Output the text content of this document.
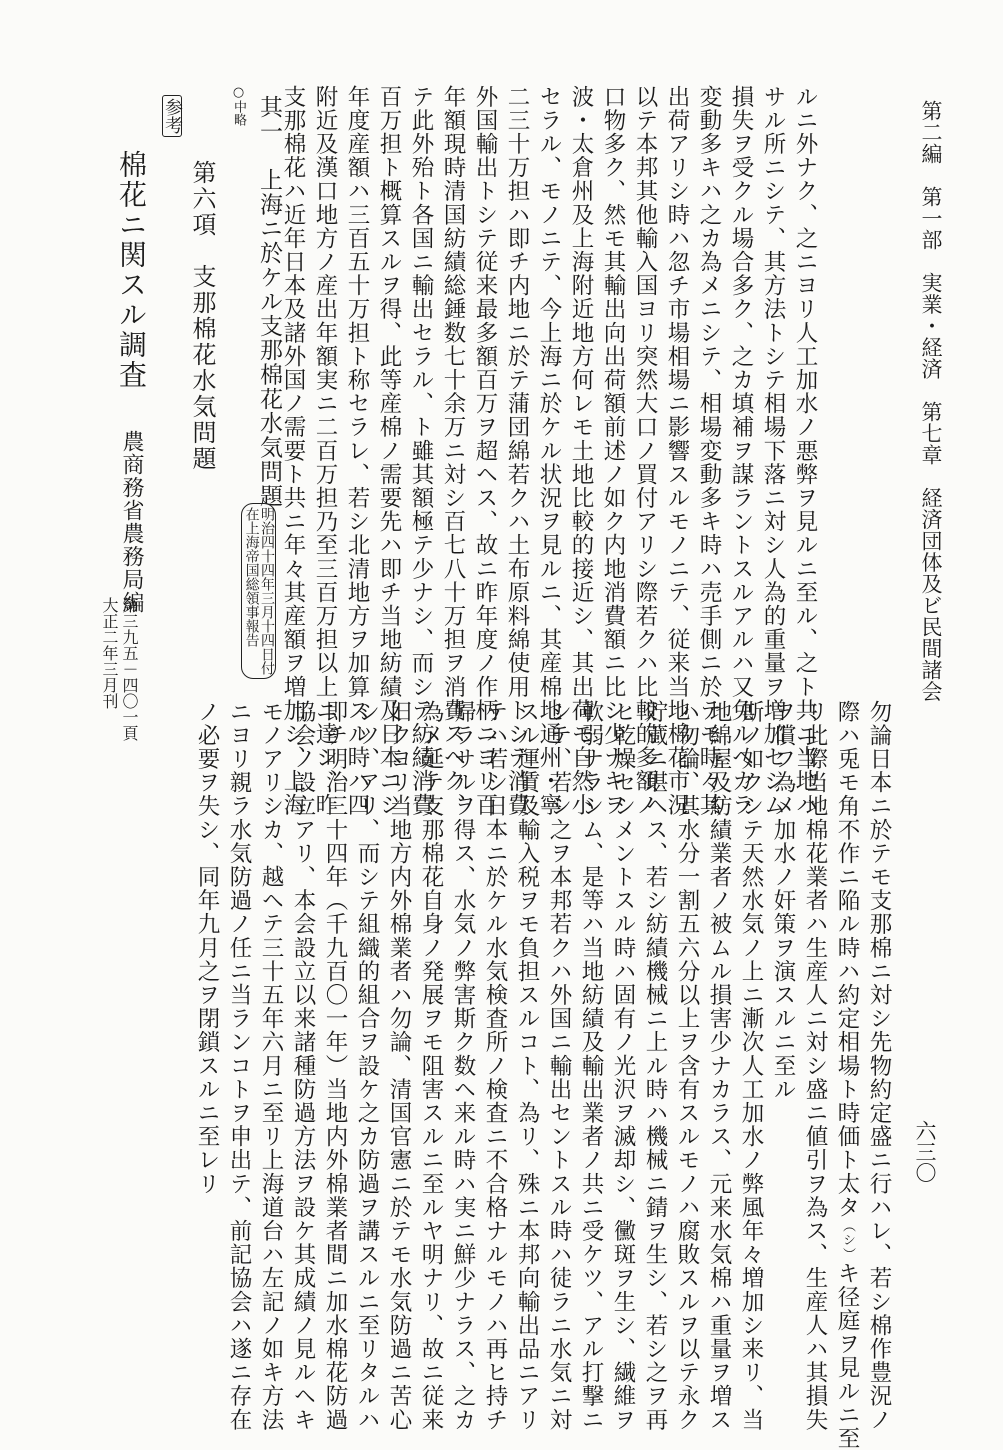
第二編　第一部　実業・経済　第七章　経済団体及ビ民間諸会
六三〇
参考
棉花ニ関スル調査
農商務省農務局編
第三九五－四〇一頁
大正二年三月刊
第六項　支那棉花水気問題
○中略 其一　上海ニ於ケル支那棉花水気問題
明治四十四年三月十四日付
在上海帝国総領事報告 支那棉花ハ近年日本及諸外国ノ需要ト共ニ年々其産額ヲ増加シ、上海 附近及漢口地方ノ産出年額実ニ二百万担乃至三百万担以上ニ達シ、昨 年度産額ハ三百五十万担ト称セラレ、若シ北清地方ヲ加算スル時ハ四 百万担ト概算スルヲ得、此等産棉ノ需要先ハ即チ当地紡績及日本ニシ テ此外殆ト各国ニ輸出セラル、ト雖其額極テ少ナシ、而シテ紡績消費 年額現時清国紡績総錘数七十余万ニ対シ百七八十万担ヲ消費スヘク、 外国輸出トシテ従来最多額百万ヲ超ヘス、故ニ昨年度ノ作柄ニヨリ百 二三十万担ハ即チ内地ニ於テ蒲団綿若クハ土布原料綿使用トシテ消費 セラル、モノニテ、今上海ニ於ケル状況ヲ見ルニ、其産棉地通州・寧 波・太倉州及上海附近地方何レモ土地比較的接近シ、其出荷モ自然小 口物多ク、然モ其輸出向出荷額前述ノ如ク内地消費額ニ比シ少ナキヲ 以テ本邦其他輸入国ヨリ突然大口ノ買付アリシ際若クハ比較的多額ノ 出荷アリシ時ハ忽チ市場相場ニ影響スルモノニテ、従来当地棉花市況 変動多キハ之カ為メニシテ、相場変動多キ時ハ売手側ニ於テモ時々其 損失ヲ受クル場合多ク、之カ填補ヲ謀ラントスルアルハ又免ルヘカラ サル所ニシテ、其方法トシテ相場下落ニ対シ人為的重量ヲ増加セシム ルニ外ナク、之ニヨリ人工加水ノ悪弊ヲ見ルニ至ル、之ト共ニ当地ハ
勿論日本ニ於テモ支那棉ニ対シ先物約定盛ニ行ハレ、若シ棉作豊況ノ
際ハ兎モ角不作ニ陥ル時ハ約定相場ト時価ト太タ（シ）キ径庭ヲ見ルニ至
リ此際当地棉花業者ハ生産人ニ対シ盛ニ値引ヲ為ス、生産人ハ其損失
ヲ償フ為メ加水ノ奸策ヲ演スルニ至ル
斯ノ如クシテ天然水気ノ上ニ漸次人工加水ノ弊風年々増加シ来リ、当
地綿屋及紡績業者ノ被ムル損害少ナカラス、元来水気棉ハ重量ヲ増ス
ハ勿論、其水分一割五六分以上ヲ含有スルモノハ腐敗スルヲ以テ永ク
貯蔵ニ堪ヘス、若シ紡績機械ニ上ル時ハ機械ニ錆ヲ生シ、若シ之ヲ再
ヒ乾燥セシメントスル時ハ固有ノ光沢ヲ滅却シ、黴斑ヲ生シ、繊維ヲ
軟弱ナラシム、是等ハ当地紡績及輸出業者ノ共ニ受ケツ、アル打撃ニ
シテ、若シ之ヲ本邦若クハ外国ニ輸出セントスル時ハ徒ラニ水気ニ対
スル運賃及輸入税ヲモ負担スルコト、為リ、殊ニ本邦向輸出品ニアリ
テハ若シ日本ニ於ケル水気検査所ノ検査ニ不合格ナルモノハ再ヒ持チ
帰ラサルヲ得ス、水気ノ弊害斯ク数ヘ来ル時ハ実ニ鮮少ナラス、之カ
為メ延テ支那棉花自身ノ発展ヲモ阻害スルニ至ルヤ明ナリ、故ニ従来
旧クヨリ当地方内外棉業者ハ勿論、清国官憲ニ於テモ水気防過ニ苦心
シツ、アリ、而シテ組織的組合ヲ設ケ之カ防過ヲ講スルニ至リタルハ
即チ明治三十四年（千九百〇一年）当地内外棉業者間ニ加水棉花防過
協会ノ設立アリ、本会設立以来諸種防過方法ヲ設ケ其成績ノ見ルヘキ
モノアリシカ、越ヘテ三十五年六月ニ至リ上海道台ハ左記ノ如キ方法
ニヨリ親ラ水気防過ノ任ニ当ランコトヲ申出テ、前記協会ハ遂ニ存在
ノ必要ヲ失シ、同年九月之ヲ閉鎖スルニ至レリ
